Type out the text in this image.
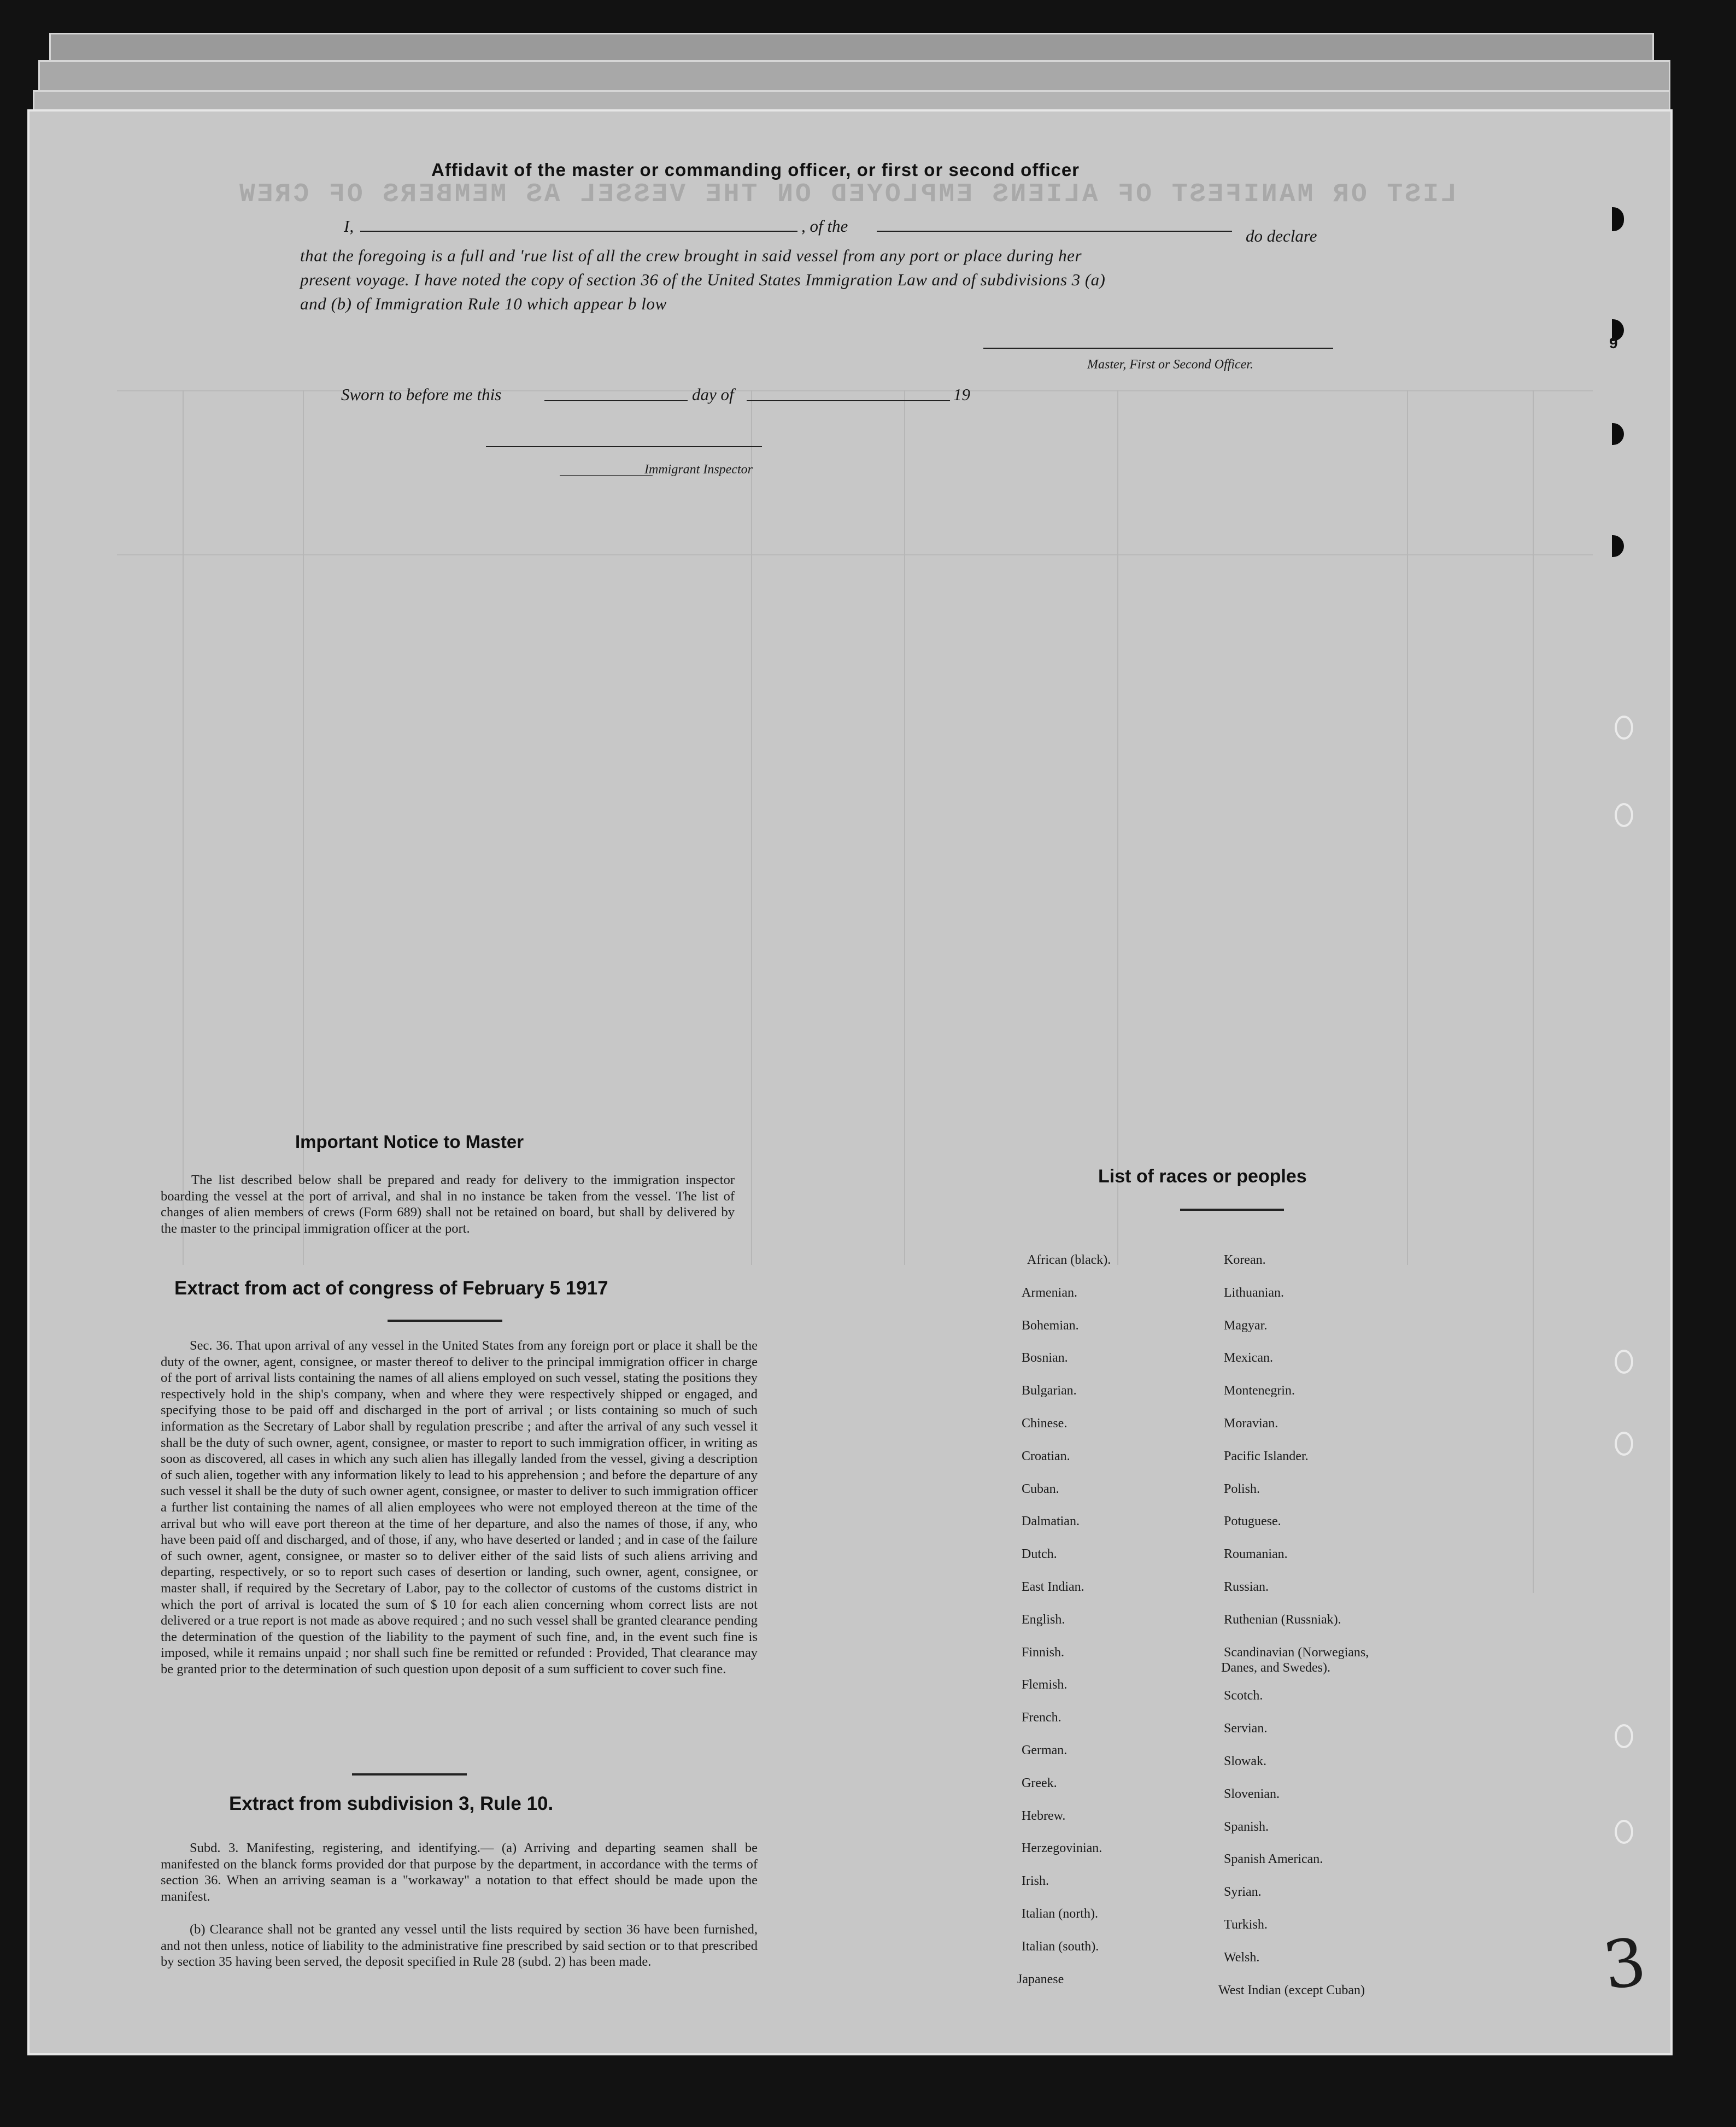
LIST OR MANIFEST OF ALIENS EMPLOYED ON THE VESSEL AS MEMBERS OF CREW
Affidavit of the master or commanding officer, or first or second officer
I,	, of the
do declare
that the foregoing is a full and 'rue list of all the crew brought in said vessel from any port or place during her
present voyage. I have noted the copy of section 36 of the United States Immigration Law and of subdivisions 3 (a)
and (b) of Immigration Rule 10 which appear b low
Master, First or Second Officer.
Sworn to before me this	day of	19
Immigrant Inspector
Important Notice to Master
The list described below shall be prepared and ready for delivery to the immigration inspector boarding the vessel at the port of arrival, and shal in no instance be taken from the vessel. The list of changes of alien members of crews (Form 689) shall not be retained on board, but shall by delivered by the master to the principal immigration officer at the port.
Extract from act of congress of February 5 1917
Sec. 36. That upon arrival of any vessel in the United States from any foreign port or place it shall be the duty of the owner, agent, consignee, or master thereof to deliver to the principal immigration officer in charge of the port of arrival lists containing the names of all aliens employed on such vessel, stating the positions they respectively hold in the ship's company, when and where they were respectively shipped or engaged, and specifying those to be paid off and discharged in the port of arrival ; or lists containing so much of such information as the Secretary of Labor shall by regulation prescribe ; and after the arrival of any such vessel it shall be the duty of such owner, agent, consignee, or master to report to such immigration officer, in writing as soon as discovered, all cases in which any such alien has illegally landed from the vessel, giving a description of such alien, together with any information likely to lead to his apprehension ; and before the departure of any such vessel it shall be the duty of such owner agent, consignee, or master to deliver to such immigration officer a further list containing the names of all alien employees who were not employed thereon at the time of the arrival but who will eave port thereon at the time of her departure, and also the names of those, if any, who have been paid off and discharged, and of those, if any, who have deserted or landed ; and in case of the failure of such owner, agent, consignee, or master so to deliver either of the said lists of such aliens arriving and departing, respectively, or so to report such cases of desertion or landing, such owner, agent, consignee, or master shall, if required by the Secretary of Labor, pay to the collector of customs of the customs district in which the port of arrival is located the sum of $ 10 for each alien concerning whom correct lists are not delivered or a true report is not made as above required ; and no such vessel shall be granted clearance pending the determination of the question of the liability to the payment of such fine, and, in the event such fine is imposed, while it remains unpaid ; nor shall such fine be remitted or refunded : Provided, That clearance may be granted prior to the determination of such question upon deposit of a sum sufficient to cover such fine.
Extract from subdivision 3, Rule 10.
Subd. 3. Manifesting, registering, and identifying.— (a) Arriving and departing seamen shall be manifested on the blanck forms provided dor that purpose by the department, in accordance with the terms of section 36. When an arriving seaman is a "workaway" a notation to that effect should be made upon the manifest.
(b) Clearance shall not be granted any vessel until the lists required by section 36 have been furnished, and not then unless, notice of liability to the administrative fine prescribed by said section or to that prescribed by section 35 having been served, the deposit specified in Rule 28 (subd. 2) has been made.
List of races or peoples
9
3
African (black).
Armenian.
Bohemian.
Bosnian.
Bulgarian.
Chinese.
Croatian.
Cuban.
Dalmatian.
Dutch.
East Indian.
English.
Finnish.
Flemish.
French.
German.
Greek.
Hebrew.
Herzegovinian.
Irish.
Italian (north).
Italian (south).
Japanese
Korean.
Lithuanian.
Magyar.
Mexican.
Montenegrin.
Moravian.
Pacific Islander.
Polish.
Potuguese.
Roumanian.
Russian.
Ruthenian (Russniak).
Scandinavian (Norwegians,
Danes, and Swedes).
Scotch.
Servian.
Slowak.
Slovenian.
Spanish.
Spanish American.
Syrian.
Turkish.
Welsh.
West Indian (except Cuban)
